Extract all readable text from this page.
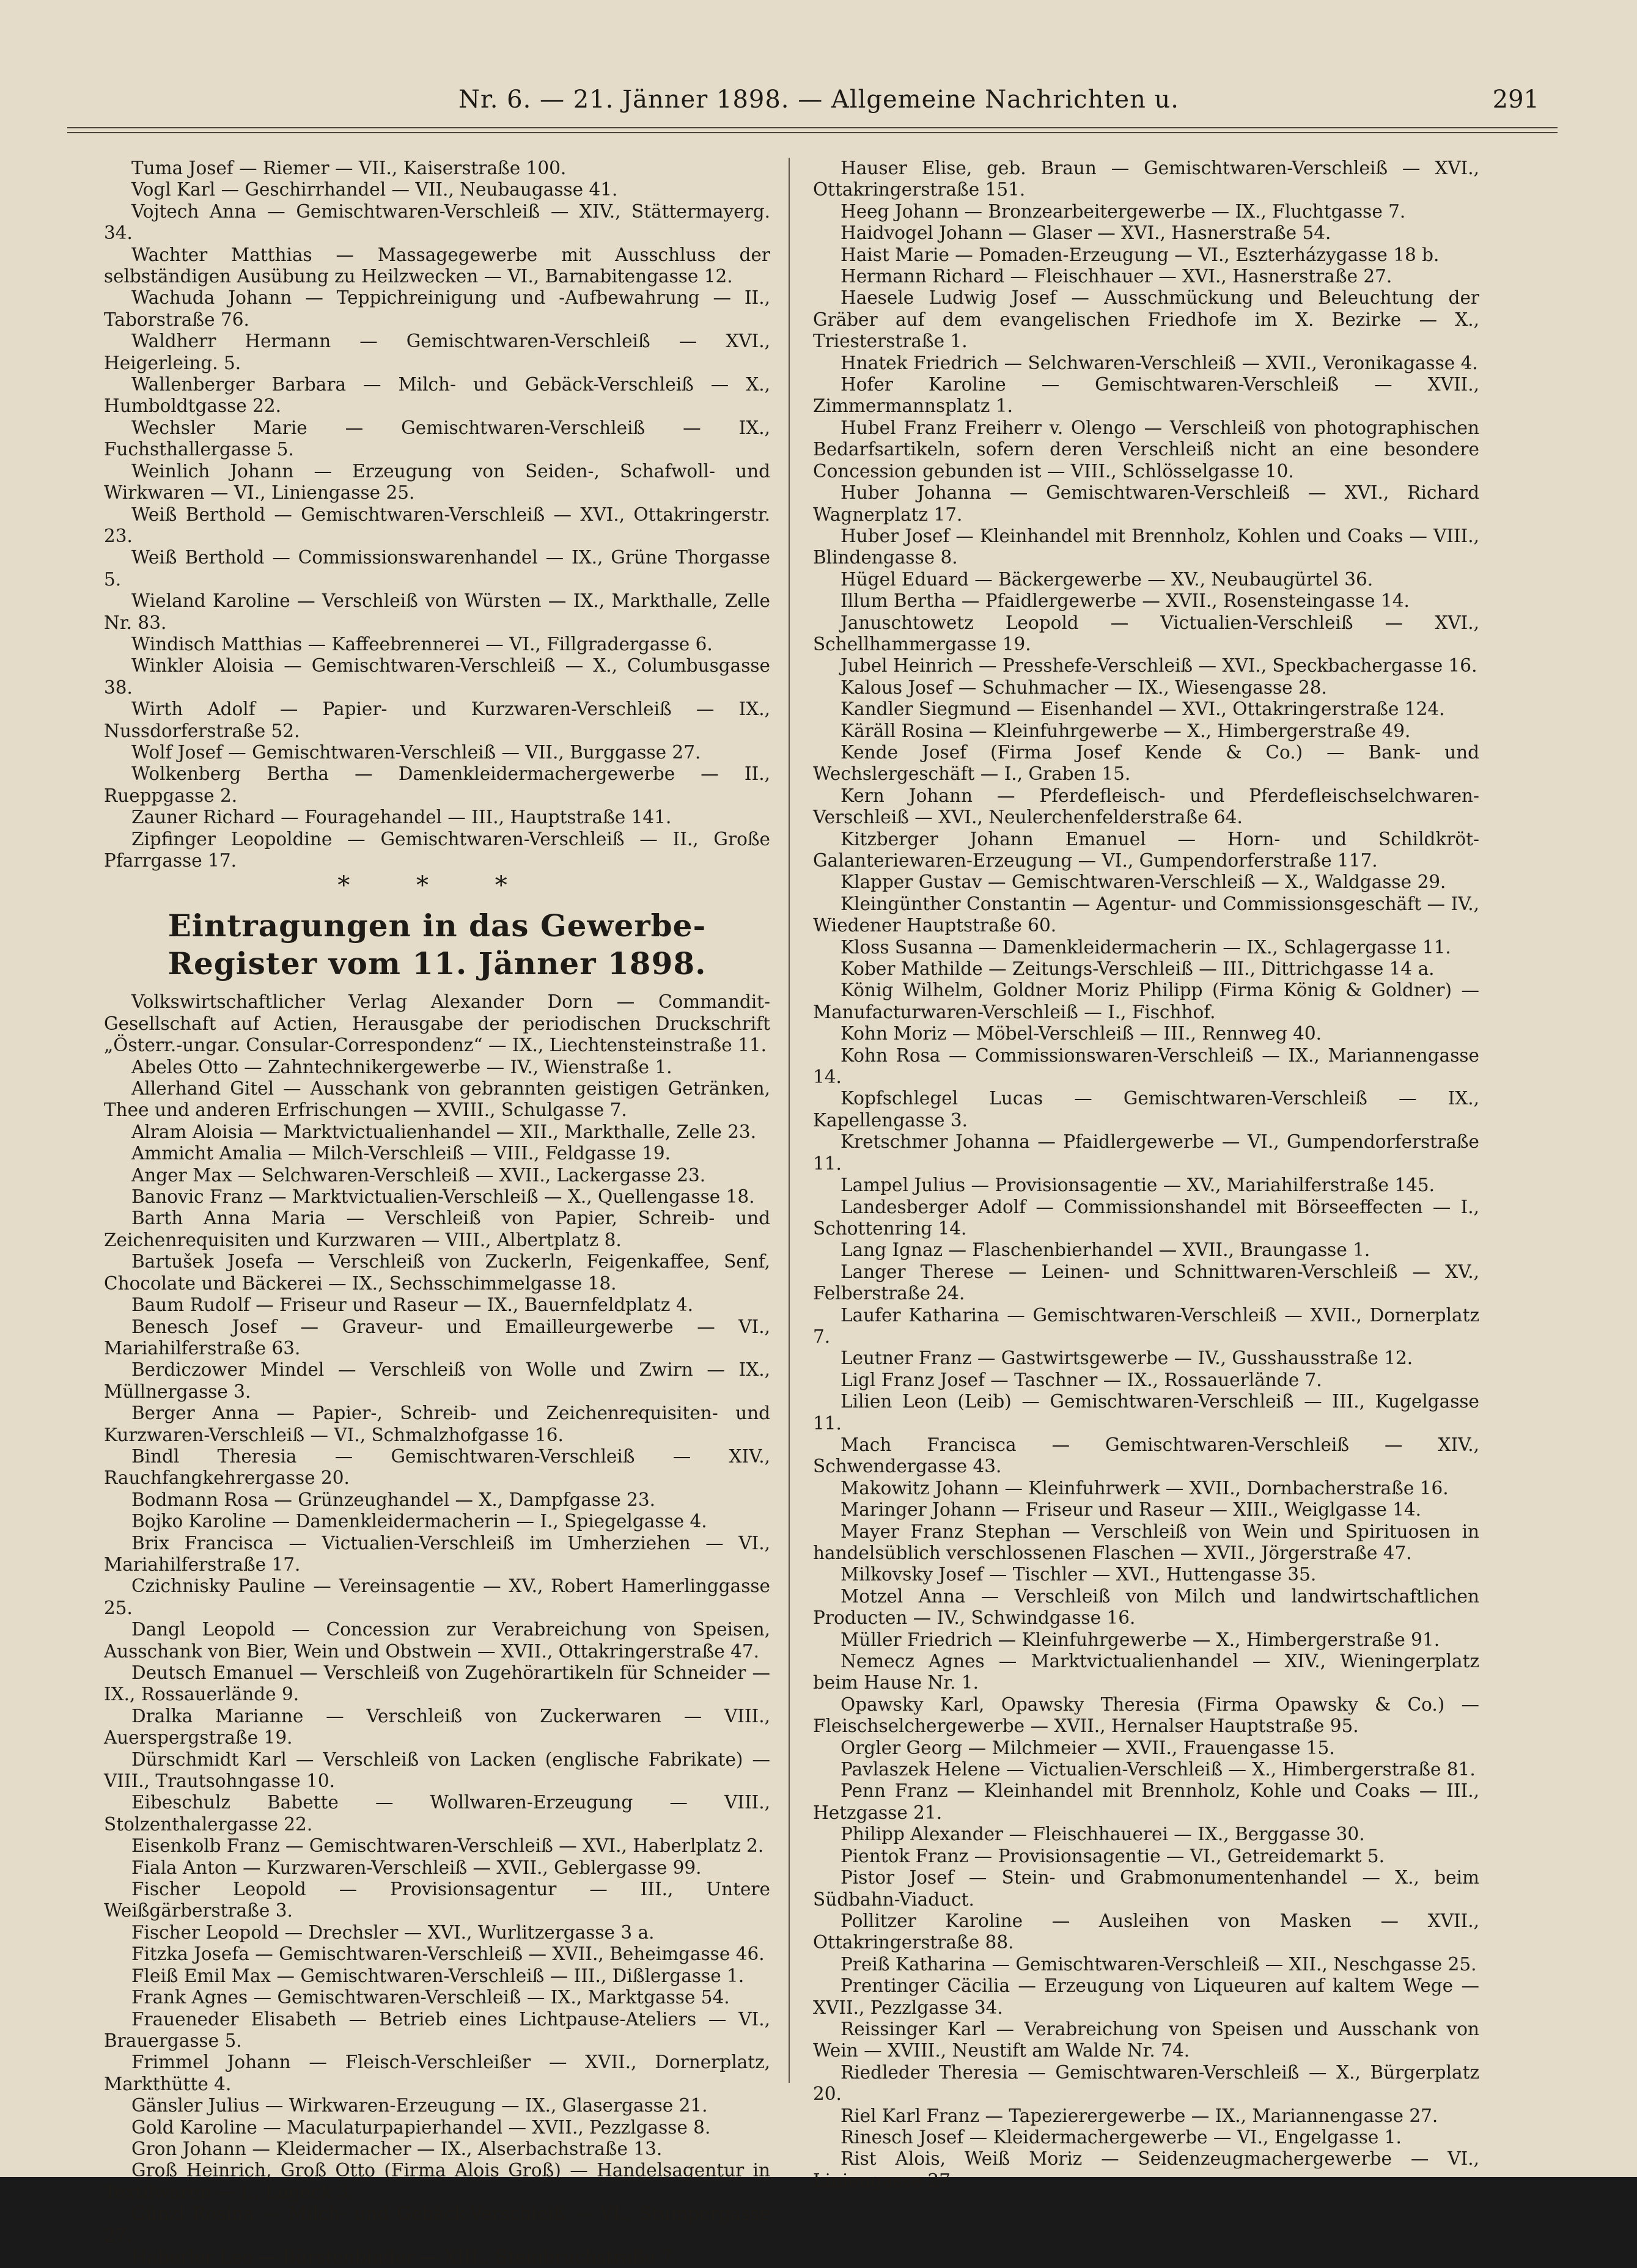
Nr. 6. — 21. Jänner 1898. — Allgemeine Nachrichten u.	291

Tuma Josef — Riemer — VII., Kaiserstraße 100.

Vogl Karl — Geschirrhandel — VII., Neubaugasse 41.

Vojtech Anna — Gemischtwaren-Verschleiß — XIV., Stättermayerg. 34.

Wachter Matthias — Massagegewerbe mit Ausschluss der selbständigen Ausübung zu Heilzwecken — VI., Barnabitengasse 12.

Wachuda Johann — Teppichreinigung und -Aufbewahrung — II., Taborstraße 76.

Waldherr Hermann — Gemischtwaren-Verschleiß — XVI., Heigerleing. 5.

Wallenberger Barbara — Milch- und Gebäck-Verschleiß — X., Humboldtgasse 22.

Wechsler Marie — Gemischtwaren-Verschleiß — IX., Fuchsthallergasse 5.

Weinlich Johann — Erzeugung von Seiden-, Schafwoll- und Wirkwaren — VI., Liniengasse 25.

Weiß Berthold — Gemischtwaren-Verschleiß — XVI., Ottakringerstr. 23.

Weiß Berthold — Commissionswarenhandel — IX., Grüne Thorgasse 5.

Wieland Karoline — Verschleiß von Würsten — IX., Markthalle, Zelle Nr. 83.

Windisch Matthias — Kaffeebrennerei — VI., Fillgradergasse 6.

Winkler Aloisia — Gemischtwaren-Verschleiß — X., Columbusgasse 38.

Wirth Adolf — Papier- und Kurzwaren-Verschleiß — IX., Nussdorferstraße 52.

Wolf Josef — Gemischtwaren-Verschleiß — VII., Burggasse 27.

Wolkenberg Bertha — Damenkleidermachergewerbe — II., Rueppgasse 2.

Zauner Richard — Fouragehandel — III., Hauptstraße 141.

Zipfinger Leopoldine — Gemischtwaren-Verschleiß — II., Große Pfarrgasse 17.

* * *
Eintragungen in das Gewerbe-Register vom 11. Jänner 1898.

Volkswirtschaftlicher Verlag Alexander Dorn — Commandit-Gesellschaft auf Actien, Herausgabe der periodischen Druckschrift „Österr.-ungar. Consular-Correspondenz“ — IX., Liechtensteinstraße 11.

Abeles Otto — Zahntechnikergewerbe — IV., Wienstraße 1.

Allerhand Gitel — Ausschank von gebrannten geistigen Getränken, Thee und anderen Erfrischungen — XVIII., Schulgasse 7.

Alram Aloisia — Marktvictualienhandel — XII., Markthalle, Zelle 23.

Ammicht Amalia — Milch-Verschleiß — VIII., Feldgasse 19.

Anger Max — Selchwaren-Verschleiß — XVII., Lackergasse 23.

Banovic Franz — Marktvictualien-Verschleiß — X., Quellengasse 18.

Barth Anna Maria — Verschleiß von Papier, Schreib- und Zeichenrequisiten und Kurzwaren — VIII., Albertplatz 8.

Bartušek Josefa — Verschleiß von Zuckerln, Feigenkaffee, Senf, Chocolate und Bäckerei — IX., Sechsschimmelgasse 18.

Baum Rudolf — Friseur und Raseur — IX., Bauernfeldplatz 4.

Benesch Josef — Graveur- und Emailleurgewerbe — VI., Mariahilferstraße 63.

Berdiczower Mindel — Verschleiß von Wolle und Zwirn — IX., Müllnergasse 3.

Berger Anna — Papier-, Schreib- und Zeichenrequisiten- und Kurzwaren-Verschleiß — VI., Schmalzhofgasse 16.

Bindl Theresia — Gemischtwaren-Verschleiß — XIV., Rauchfangkehrergasse 20.

Bodmann Rosa — Grünzeughandel — X., Dampfgasse 23.

Bojko Karoline — Damenkleidermacherin — I., Spiegelgasse 4.

Brix Francisca — Victualien-Verschleiß im Umherziehen — VI., Mariahilferstraße 17.

Czichnisky Pauline — Vereinsagentie — XV., Robert Hamerlinggasse 25.

Dangl Leopold — Concession zur Verabreichung von Speisen, Ausschank von Bier, Wein und Obstwein — XVII., Ottakringerstraße 47.

Deutsch Emanuel — Verschleiß von Zugehörartikeln für Schneider — IX., Rossauerlände 9.

Dralka Marianne — Verschleiß von Zuckerwaren — VIII., Auerspergstraße 19.

Dürschmidt Karl — Verschleiß von Lacken (englische Fabrikate) — VIII., Trautsohngasse 10.

Eibeschulz Babette — Wollwaren-Erzeugung — VIII., Stolzenthalergasse 22.

Eisenkolb Franz — Gemischtwaren-Verschleiß — XVI., Haberlplatz 2.

Fiala Anton — Kurzwaren-Verschleiß — XVII., Geblergasse 99.

Fischer Leopold — Provisionsagentur — III., Untere Weißgärberstraße 3.

Fischer Leopold — Drechsler — XVI., Wurlitzergasse 3 a.

Fitzka Josefa — Gemischtwaren-Verschleiß — XVII., Beheimgasse 46.

Fleiß Emil Max — Gemischtwaren-Verschleiß — III., Dißlergasse 1.

Frank Agnes — Gemischtwaren-Verschleiß — IX., Marktgasse 54.

Fraueneder Elisabeth — Betrieb eines Lichtpause-Ateliers — VI., Brauergasse 5.

Frimmel Johann — Fleisch-Verschleißer — XVII., Dornerplatz, Markthütte 4.

Gänsler Julius — Wirkwaren-Erzeugung — IX., Glasergasse 21.

Gold Karoline — Maculaturpapierhandel — XVII., Pezzlgasse 8.

Gron Johann — Kleidermacher — IX., Alserbachstraße 13.

Groß Heinrich, Groß Otto (Firma Alois Groß) — Handelsagentur in Textilwaren — I., Lugeck 3.

Günzl Rosina — Milch- und Gebäck-Verschleiß — VI., Stumpergasse 27.

Haberler Leo — Bürstenbinder — XIII., Steinbruchstraße 7.

Hauser Elise, geb. Braun — Gemischtwaren-Verschleiß — XVI., Ottakringerstraße 151.

Heeg Johann — Bronzearbeitergewerbe — IX., Fluchtgasse 7.

Haidvogel Johann — Glaser — XVI., Hasnerstraße 54.

Haist Marie — Pomaden-Erzeugung — VI., Eszterházygasse 18 b.

Hermann Richard — Fleischhauer — XVI., Hasnerstraße 27.

Haesele Ludwig Josef — Ausschmückung und Beleuchtung der Gräber auf dem evangelischen Friedhofe im X. Bezirke — X., Triesterstraße 1.

Hnatek Friedrich — Selchwaren-Verschleiß — XVII., Veronikagasse 4.

Hofer Karoline — Gemischtwaren-Verschleiß — XVII., Zimmermannsplatz 1.

Hubel Franz Freiherr v. Olengo — Verschleiß von photographischen Bedarfsartikeln, sofern deren Verschleiß nicht an eine besondere Concession gebunden ist — VIII., Schlösselgasse 10.

Huber Johanna — Gemischtwaren-Verschleiß — XVI., Richard Wagnerplatz 17.

Huber Josef — Kleinhandel mit Brennholz, Kohlen und Coaks — VIII., Blindengasse 8.

Hügel Eduard — Bäckergewerbe — XV., Neubaugürtel 36.

Illum Bertha — Pfaidlergewerbe — XVII., Rosensteingasse 14.

Januschtowetz Leopold — Victualien-Verschleiß — XVI., Schellhammergasse 19.

Jubel Heinrich — Presshefe-Verschleiß — XVI., Speckbachergasse 16.

Kalous Josef — Schuhmacher — IX., Wiesengasse 28.

Kandler Siegmund — Eisenhandel — XVI., Ottakringerstraße 124.

Käräll Rosina — Kleinfuhrgewerbe — X., Himbergerstraße 49.

Kende Josef (Firma Josef Kende & Co.) — Bank- und Wechslergeschäft — I., Graben 15.

Kern Johann — Pferdefleisch- und Pferdefleischselchwaren-Verschleiß — XVI., Neulerchenfelderstraße 64.

Kitzberger Johann Emanuel — Horn- und Schildkröt-Galanteriewaren-Erzeugung — VI., Gumpendorferstraße 117.

Klapper Gustav — Gemischtwaren-Verschleiß — X., Waldgasse 29.

Kleingünther Constantin — Agentur- und Commissionsgeschäft — IV., Wiedener Hauptstraße 60.

Kloss Susanna — Damenkleidermacherin — IX., Schlagergasse 11.

Kober Mathilde — Zeitungs-Verschleiß — III., Dittrichgasse 14 a.

König Wilhelm, Goldner Moriz Philipp (Firma König & Goldner) — Manufacturwaren-Verschleiß — I., Fischhof.

Kohn Moriz — Möbel-Verschleiß — III., Rennweg 40.

Kohn Rosa — Commissionswaren-Verschleiß — IX., Mariannengasse 14.

Kopfschlegel Lucas — Gemischtwaren-Verschleiß — IX., Kapellengasse 3.

Kretschmer Johanna — Pfaidlergewerbe — VI., Gumpendorferstraße 11.

Lampel Julius — Provisionsagentie — XV., Mariahilferstraße 145.

Landesberger Adolf — Commissionshandel mit Börseeffecten — I., Schottenring 14.

Lang Ignaz — Flaschenbierhandel — XVII., Braungasse 1.

Langer Therese — Leinen- und Schnittwaren-Verschleiß — XV., Felberstraße 24.

Laufer Katharina — Gemischtwaren-Verschleiß — XVII., Dornerplatz 7.

Leutner Franz — Gastwirtsgewerbe — IV., Gusshausstraße 12.

Ligl Franz Josef — Taschner — IX., Rossauerlände 7.

Lilien Leon (Leib) — Gemischtwaren-Verschleiß — III., Kugelgasse 11.

Mach Francisca — Gemischtwaren-Verschleiß — XIV., Schwendergasse 43.

Makowitz Johann — Kleinfuhrwerk — XVII., Dornbacherstraße 16.

Maringer Johann — Friseur und Raseur — XIII., Weiglgasse 14.

Mayer Franz Stephan — Verschleiß von Wein und Spirituosen in handelsüblich verschlossenen Flaschen — XVII., Jörgerstraße 47.

Milkovsky Josef — Tischler — XVI., Huttengasse 35.

Motzel Anna — Verschleiß von Milch und landwirtschaftlichen Producten — IV., Schwindgasse 16.

Müller Friedrich — Kleinfuhrgewerbe — X., Himbergerstraße 91.

Nemecz Agnes — Marktvictualienhandel — XIV., Wieningerplatz beim Hause Nr. 1.

Opawsky Karl, Opawsky Theresia (Firma Opawsky & Co.) — Fleischselchergewerbe — XVII., Hernalser Hauptstraße 95.

Orgler Georg — Milchmeier — XVII., Frauengasse 15.

Pavlaszek Helene — Victualien-Verschleiß — X., Himbergerstraße 81.

Penn Franz — Kleinhandel mit Brennholz, Kohle und Coaks — III., Hetzgasse 21.

Philipp Alexander — Fleischhauerei — IX., Berggasse 30.

Pientok Franz — Provisionsagentie — VI., Getreidemarkt 5.

Pistor Josef — Stein- und Grabmonumentenhandel — X., beim Südbahn-Viaduct.

Pollitzer Karoline — Ausleihen von Masken — XVII., Ottakringerstraße 88.

Preiß Katharina — Gemischtwaren-Verschleiß — XII., Neschgasse 25.

Prentinger Cäcilia — Erzeugung von Liqueuren auf kaltem Wege — XVII., Pezzlgasse 34.

Reissinger Karl — Verabreichung von Speisen und Ausschank von Wein — XVIII., Neustift am Walde Nr. 74.

Riedleder Theresia — Gemischtwaren-Verschleiß — X., Bürgerplatz 20.

Riel Karl Franz — Tapezierergewerbe — IX., Mariannengasse 27.

Rinesch Josef — Kleidermachergewerbe — VI., Engelgasse 1.

Rist Alois, Weiß Moriz — Seidenzeugmachergewerbe — VI., Liniengasse 27.
